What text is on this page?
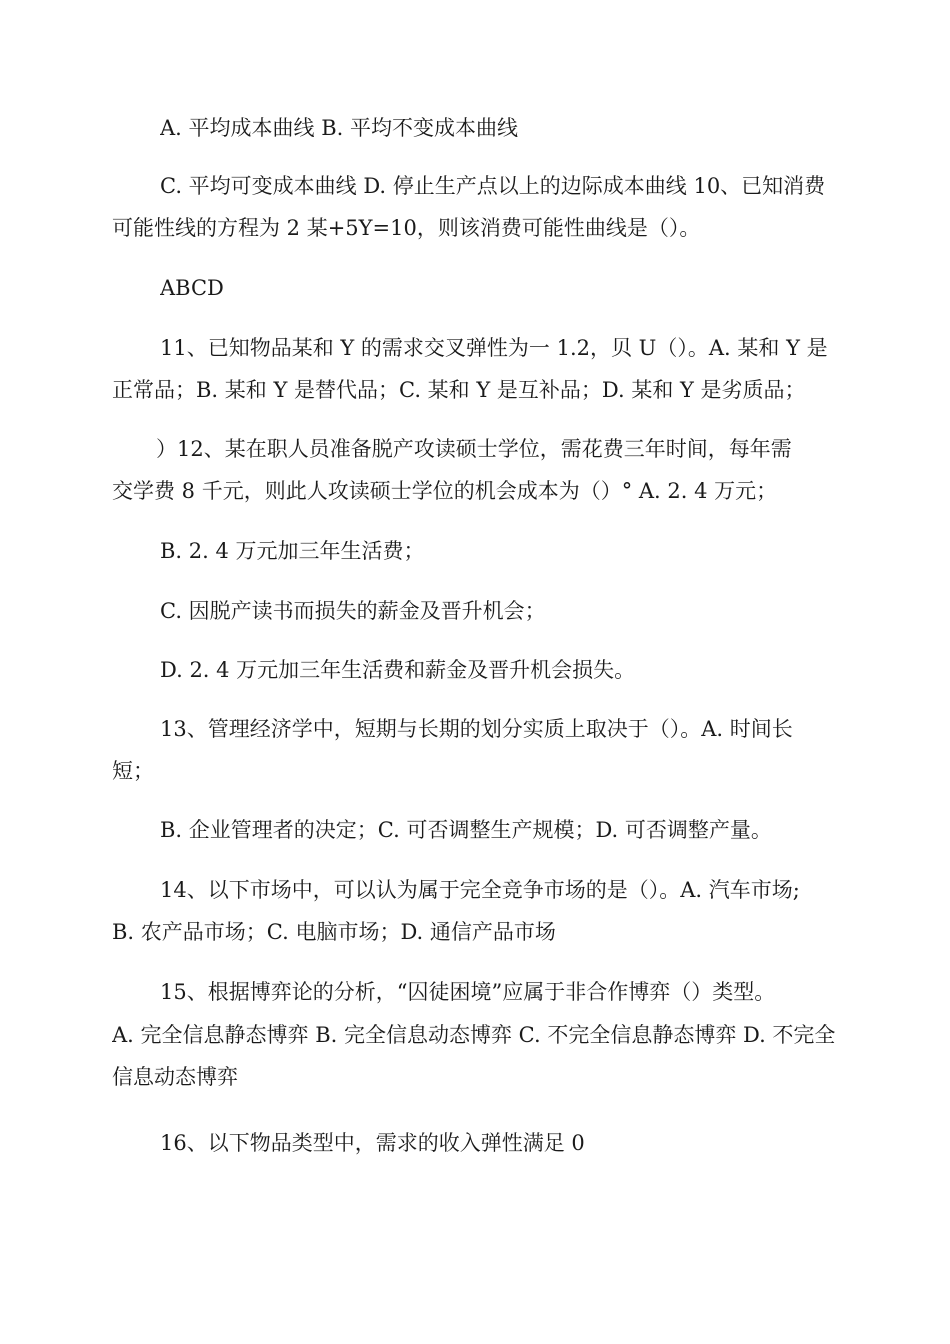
A. 平均成本曲线 B. 平均不变成本曲线
C. 平均可变成本曲线 D. 停止生产点以上的边际成本曲线 10、已知消费
可能性线的方程为 2 某+5Y=10，则该消费可能性曲线是（）。
ABCD
11、已知物品某和 Y 的需求交叉弹性为一 1.2，贝 U（）。A. 某和 Y 是
正常品；B. 某和 Y 是替代品；C. 某和 Y 是互补品；D. 某和 Y 是劣质品；
）12、某在职人员准备脱产攻读硕士学位，需花费三年时间，每年需
交学费 8 千元，则此人攻读硕士学位的机会成本为（）° A. 2. 4 万元；
B. 2. 4 万元加三年生活费；
C. 因脱产读书而损失的薪金及晋升机会；
D. 2. 4 万元加三年生活费和薪金及晋升机会损失。
13、管理经济学中，短期与长期的划分实质上取决于（）。A. 时间长
短；
B. 企业管理者的决定；C. 可否调整生产规模；D. 可否调整产量。
14、以下市场中，可以认为属于完全竞争市场的是（）。A. 汽车市场;
B. 农产品市场；C. 电脑市场；D. 通信产品市场
15、根据博弈论的分析，“囚徒困境”应属于非合作博弈（）类型。
A. 完全信息静态博弈 B. 完全信息动态博弈 C. 不完全信息静态博弈 D. 不完全
信息动态博弈
16、以下物品类型中，需求的收入弹性满足 0
